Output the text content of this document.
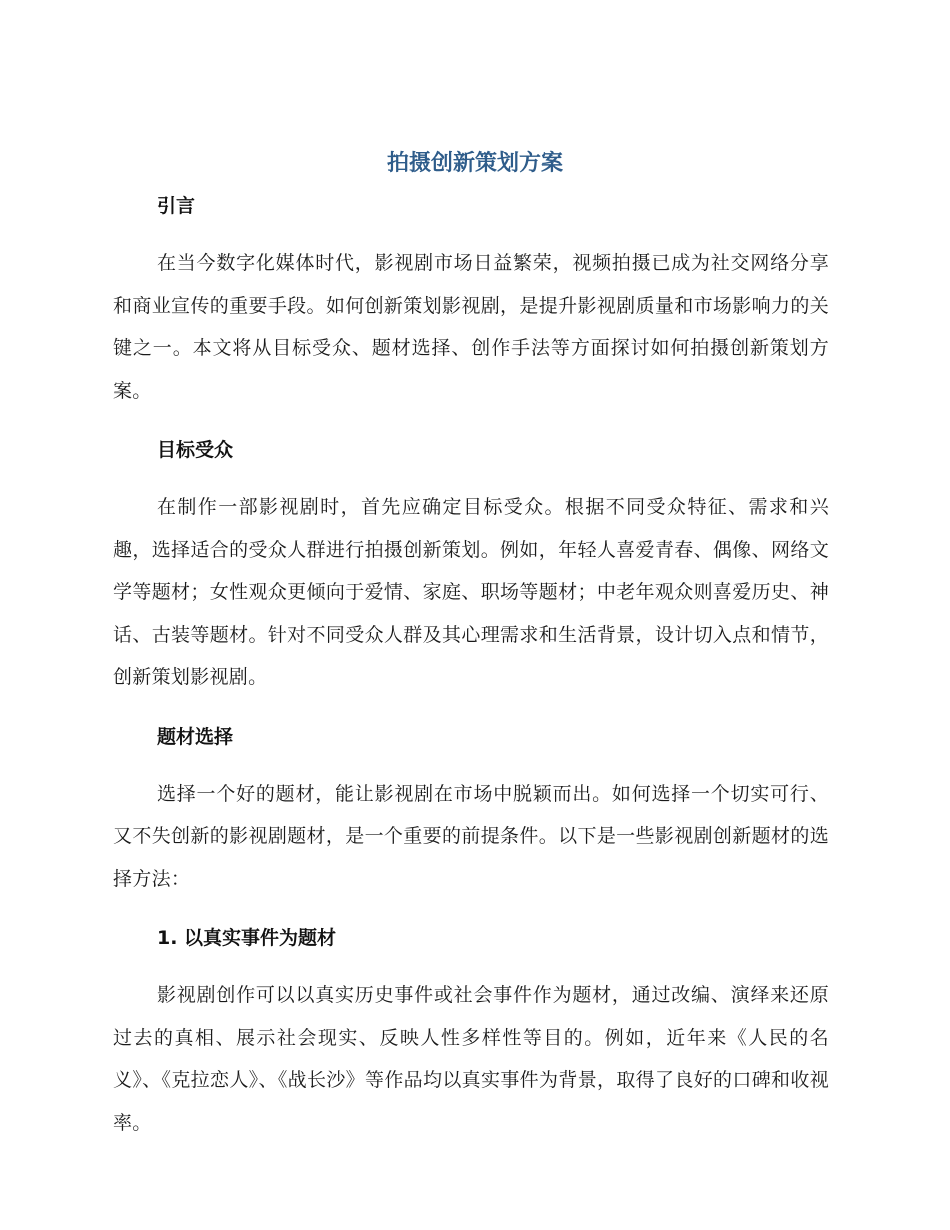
拍摄创新策划方案
引言

在当今数字化媒体时代，影视剧市场日益繁荣，视频拍摄已成为社交网络分享和商业宣传的重要手段。如何创新策划影视剧，是提升影视剧质量和市场影响力的关键之一。本文将从目标受众、题材选择、创作手法等方面探讨如何拍摄创新策划方案。

目标受众

在制作一部影视剧时，首先应确定目标受众。根据不同受众特征、需求和兴趣，选择适合的受众人群进行拍摄创新策划。例如，年轻人喜爱青春、偶像、网络文学等题材；女性观众更倾向于爱情、家庭、职场等题材；中老年观众则喜爱历史、神话、古装等题材。针对不同受众人群及其心理需求和生活背景，设计切入点和情节，创新策划影视剧。

题材选择

选择一个好的题材，能让影视剧在市场中脱颖而出。如何选择一个切实可行、又不失创新的影视剧题材，是一个重要的前提条件。以下是一些影视剧创新题材的选择方法：

1. 以真实事件为题材

影视剧创作可以以真实历史事件或社会事件作为题材，通过改编、演绎来还原过去的真相、展示社会现实、反映人性多样性等目的。例如，近年来《人民的名义》、《克拉恋人》、《战长沙》等作品均以真实事件为背景，取得了良好的口碑和收视率。
